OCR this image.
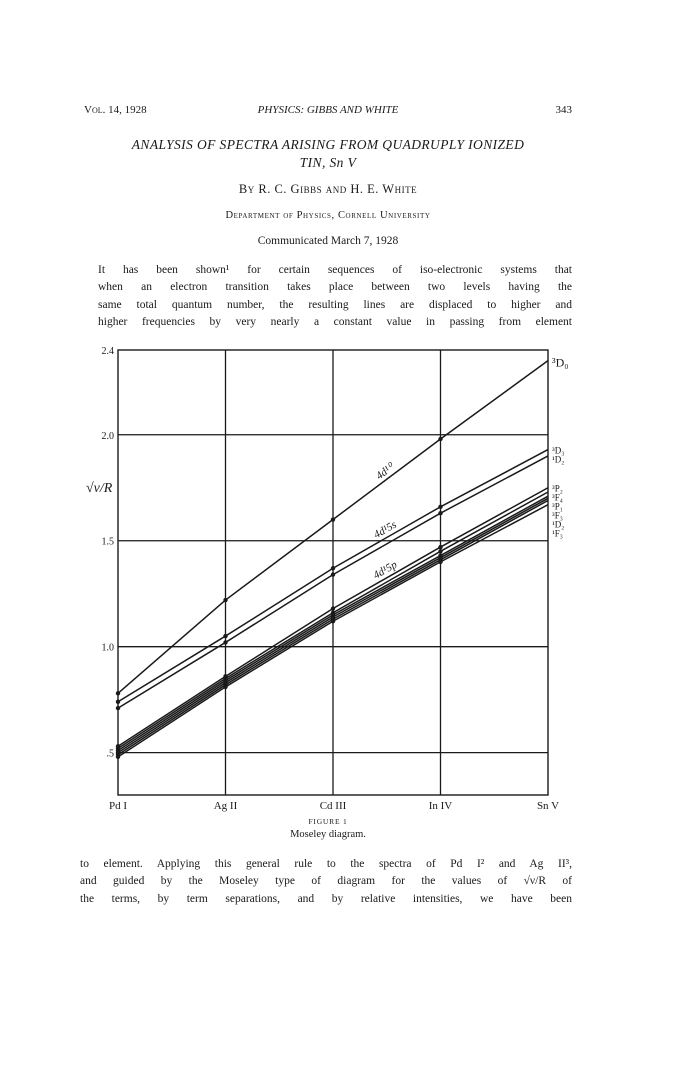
Vol. 14, 1928	PHYSICS: GIBBS AND WHITE	343
ANALYSIS OF SPECTRA ARISING FROM QUADRUPLY IONIZED
TIN, Sn V
By R. C. Gibbs and H. E. White
Department of Physics, Cornell University
Communicated March 7, 1928
It has been shown¹ for certain sequences of iso-electronic systems that
when an electron transition takes place between two levels having the
same total quantum number, the resulting lines are displaced to higher and
higher frequencies by very nearly a constant value in passing from element
Pd I	Ag II	Cd III	In IV	Sn V
.5
1.0
1.5
2.0
2.4
√ν/R
³D₀
³D₃
¹D₂
³P₂
³F₄
³P₁
³F₃
¹D₂
¹F₃
4d¹⁰
4d¹5s
4d¹5p
FIGURE 1
Moseley diagram.
to element. Applying this general rule to the spectra of Pd I² and Ag II³,
and guided by the Moseley type of diagram for the values of √ν/R of
the terms, by term separations, and by relative intensities, we have been
